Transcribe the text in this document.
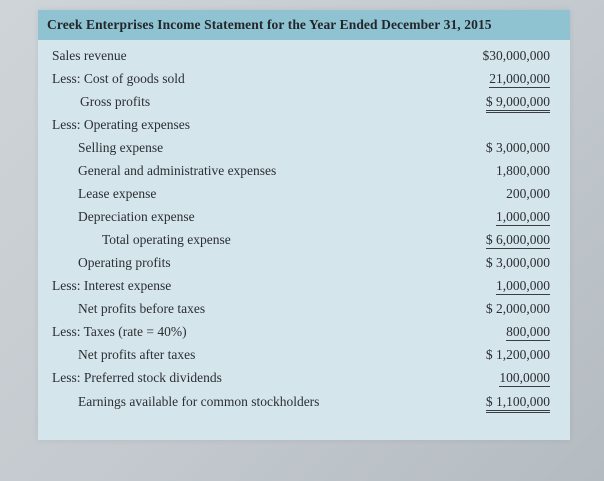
Creek Enterprises Income Statement for the Year Ended December 31, 2015
Sales revenue	$30,000,000
Less: Cost of goods sold	21,000,000
Gross profits	$ 9,000,000
Less: Operating expenses
Selling expense	$ 3,000,000
General and administrative expenses	1,800,000
Lease expense	200,000
Depreciation expense	1,000,000
Total operating expense	$ 6,000,000
Operating profits	$ 3,000,000
Less: Interest expense	1,000,000
Net profits before taxes	$ 2,000,000
Less: Taxes (rate = 40%)	800,000
Net profits after taxes	$ 1,200,000
Less: Preferred stock dividends	100,0000
Earnings available for common stockholders	$ 1,100,000
